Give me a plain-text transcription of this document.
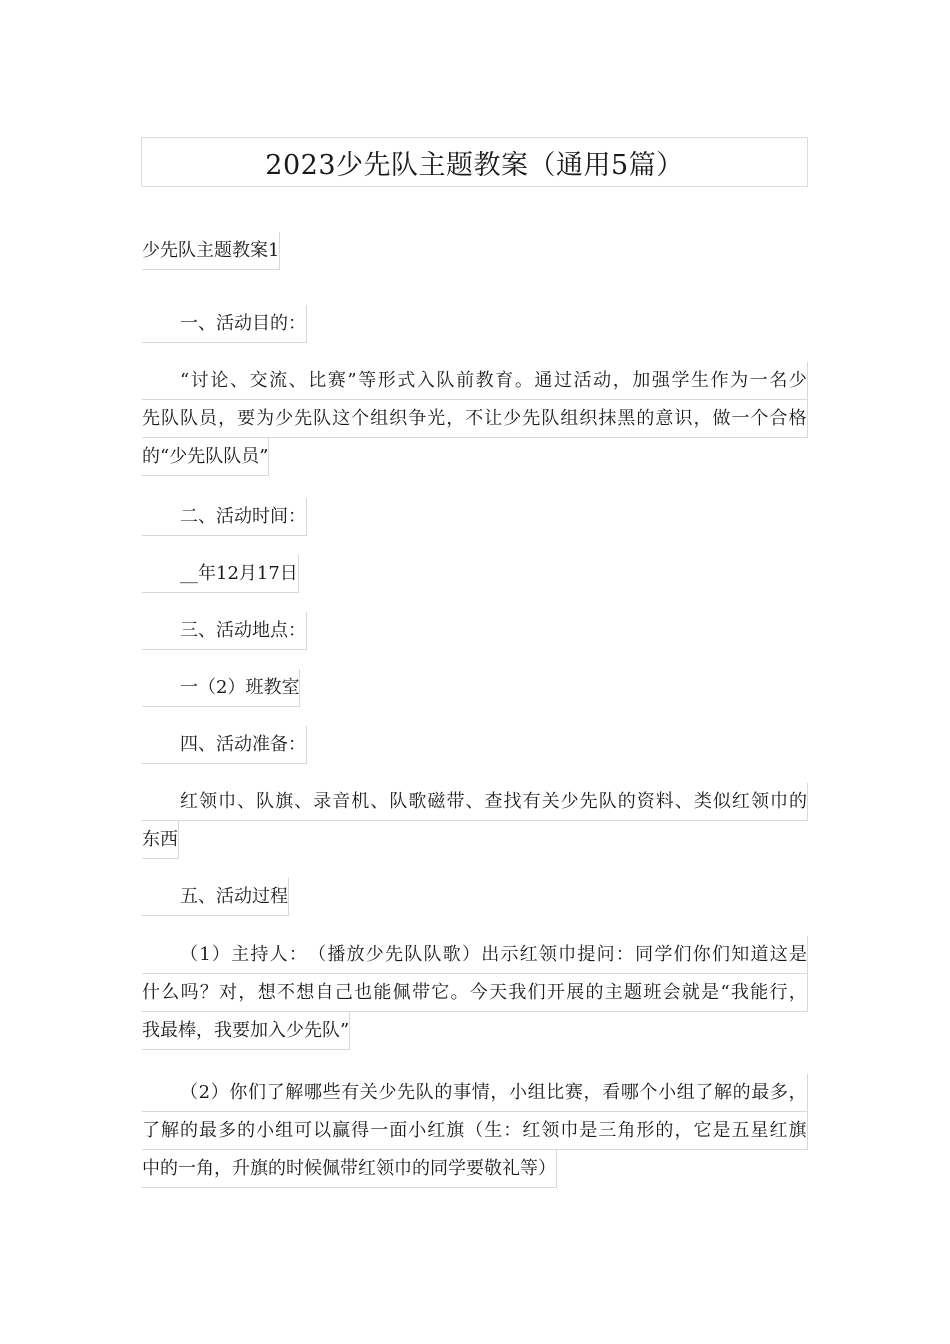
2023少先队主题教案（通用5篇）
少先队主题教案1
一、活动目的：
“ 讨 论 、 交 流 、 比 赛 ” 等 形 式 入 队 前 教 育 。 通 过 活 动 ， 加 强 学 生 作 为 一 名 少
先 队 队 员 ， 要 为 少 先 队 这 个 组 织 争 光 ， 不 让 少 先 队 组 织 抹 黑 的 意 识 ， 做 一 个 合 格
的“少先队队员”
二、活动时间：
__年12月17日
三、活动地点：
一（2）班教室
四、活动准备：
红 领 巾 、 队 旗 、 录 音 机 、 队 歌 磁 带 、 查 找 有 关 少 先 队 的 资 料 、 类 似 红 领 巾 的
东西
五、活动过程
（ 1 ） 主 持 人 ： （ 播 放 少 先 队 队 歌 ） 出 示 红 领 巾 提 问 ： 同 学 们 你 们 知 道 这 是
什 么 吗 ？ 对 ， 想 不 想 自 己 也 能 佩 带 它 。 今 天 我 们 开 展 的 主 题 班 会 就 是 “ 我 能 行 ，
我最棒，我要加入少先队”
（ 2 ） 你 们 了 解 哪 些 有 关 少 先 队 的 事 情 ， 小 组 比 赛 ， 看 哪 个 小 组 了 解 的 最 多 ，
了 解 的 最 多 的 小 组 可 以 赢 得 一 面 小 红 旗 （ 生 ： 红 领 巾 是 三 角 形 的 ， 它 是 五 星 红 旗
中的一角，升旗的时候佩带红领巾的同学要敬礼等）
